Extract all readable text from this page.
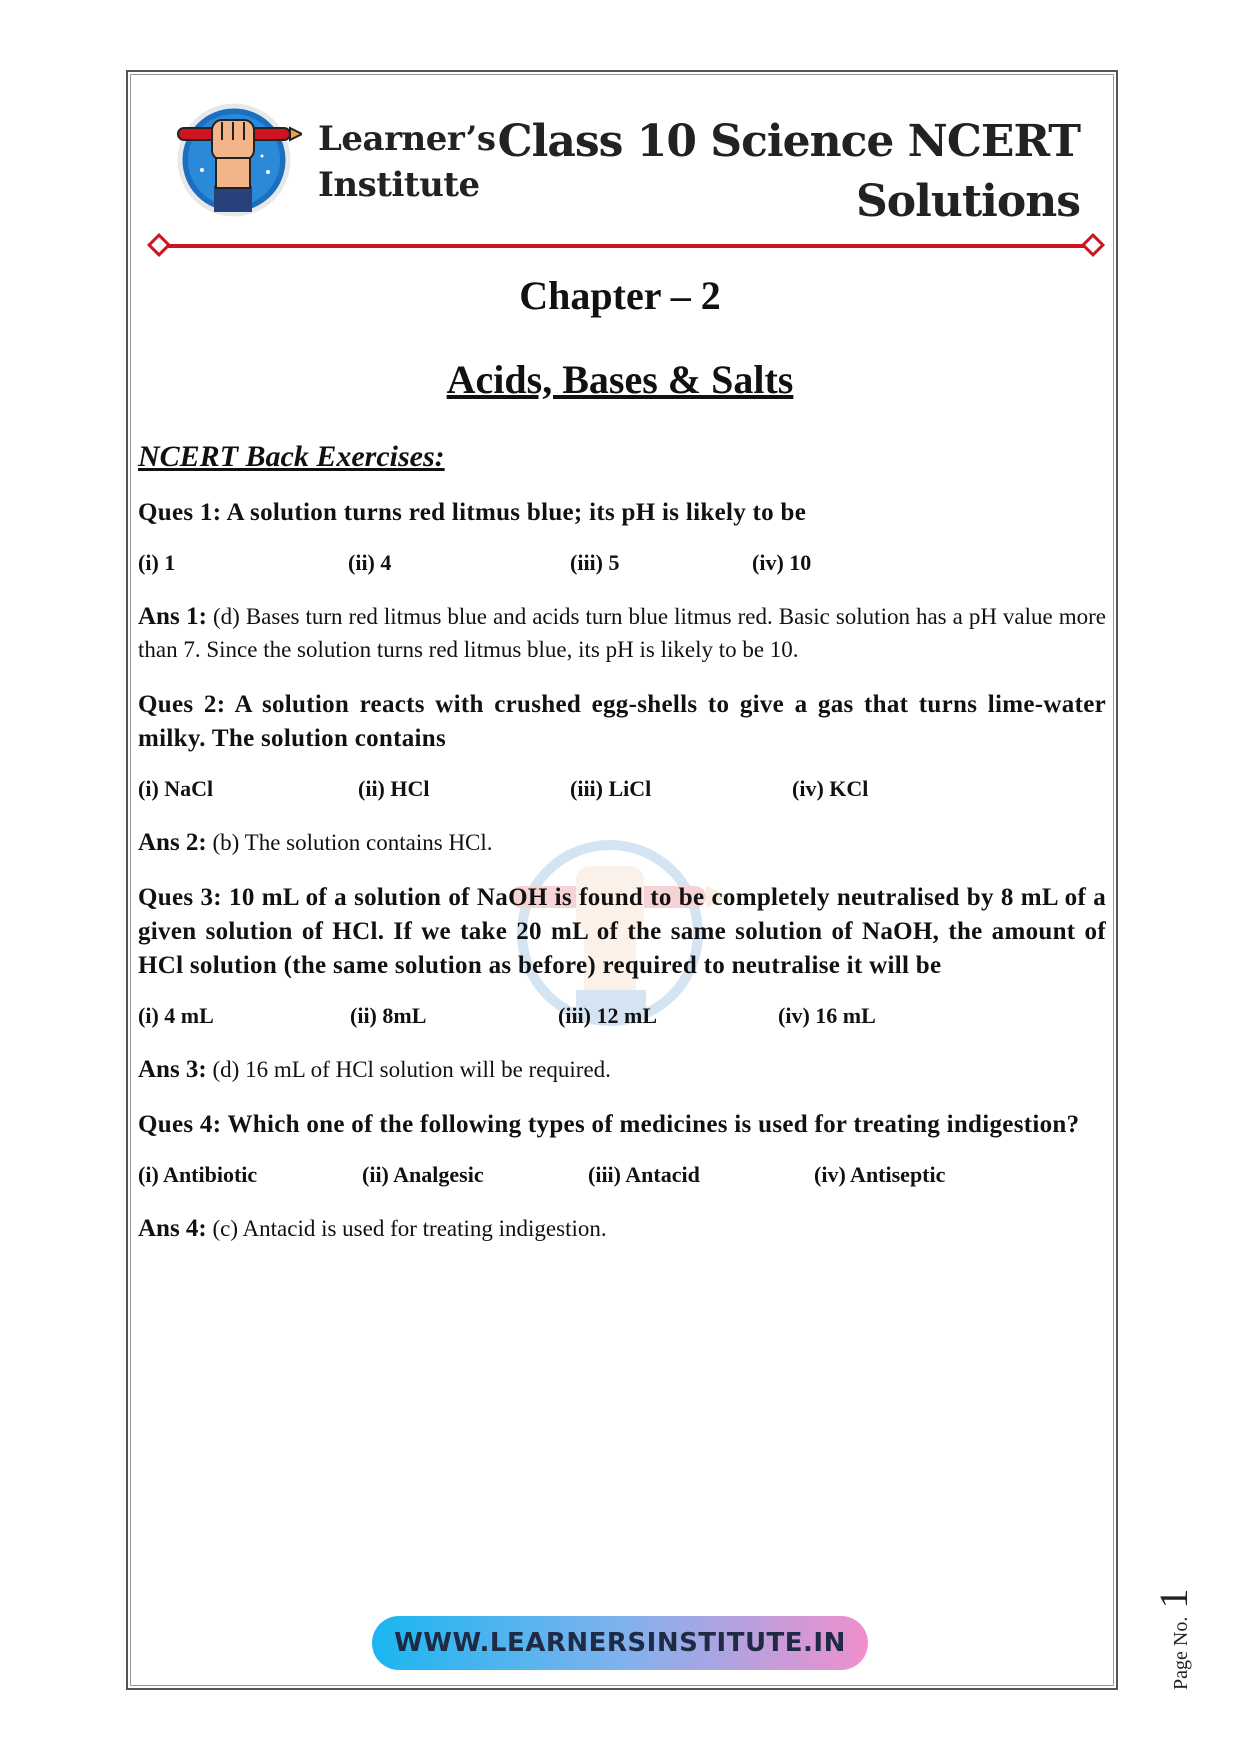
Learner’s
Institute
Class 10 Science NCERT
Solutions
Chapter – 2
Acids, Bases & Salts
NCERT Back Exercises:
Ques 1: A solution turns red litmus blue; its pH is likely to be
(i) 1	(ii) 4	(iii) 5	(iv) 10
Ans 1: (d) Bases turn red litmus blue and acids turn blue litmus red. Basic solution has a pH value more than 7. Since the solution turns red litmus blue, its pH is likely to be 10.
Ques 2: A solution reacts with crushed egg-shells to give a gas that turns lime-water milky. The solution contains
(i) NaCl	(ii) HCl	(iii) LiCl	(iv) KCl
Ans 2: (b) The solution contains HCl.
Ques 3: 10 mL of a solution of NaOH is found to be completely neutralised by 8 mL of a given solution of HCl. If we take 20 mL of the same solution of NaOH, the amount of HCl solution (the same solution as before) required to neutralise it will be
(i) 4 mL	(ii) 8mL	(iii) 12 mL	(iv) 16 mL
Ans 3: (d) 16 mL of HCl solution will be required.
Ques 4: Which one of the following types of medicines is used for treating indigestion?
(i) Antibiotic	(ii) Analgesic	(iii) Antacid	(iv) Antiseptic
Ans 4: (c) Antacid is used for treating indigestion.
WWW.LEARNERSINSTITUTE.IN	Page No.1
